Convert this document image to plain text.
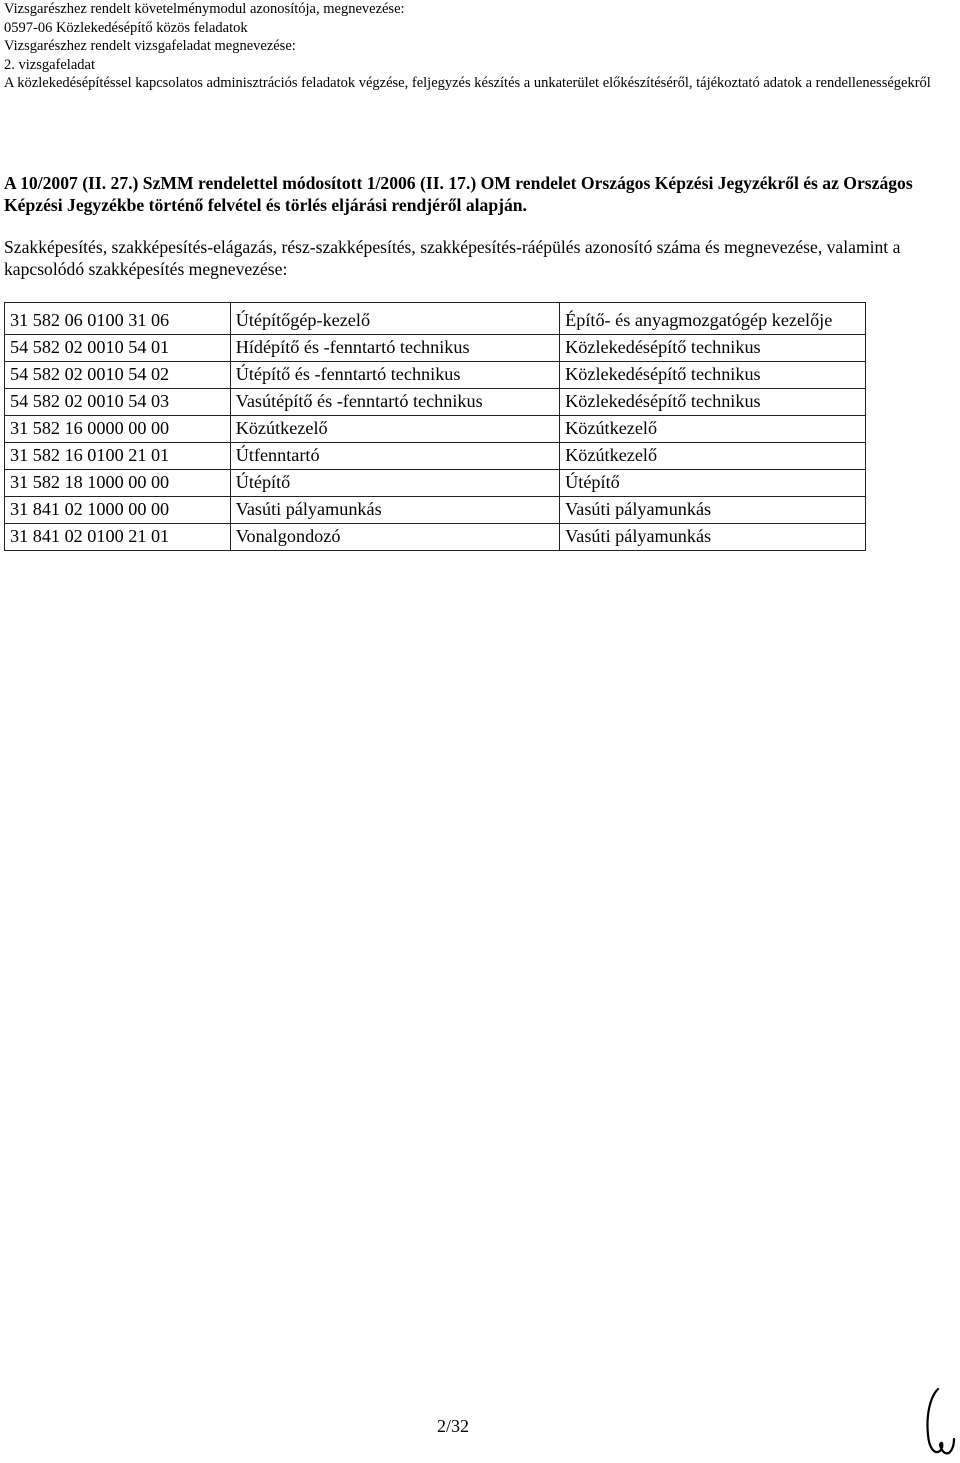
Vizsgarészhez rendelt követelménymodul azonosítója, megnevezése:
0597-06 Közlekedésépítő közös feladatok
Vizsgarészhez rendelt vizsgafeladat megnevezése:
2. vizsgafeladat
A közlekedésépítéssel kapcsolatos adminisztrációs feladatok végzése, feljegyzés készítés a unkaterület előkészítéséről, tájékoztató adatok a rendellenességekről
A 10/2007 (II. 27.) SzMM rendelettel módosított 1/2006 (II. 17.) OM rendelet Országos Képzési Jegyzékről és az Országos Képzési Jegyzékbe történő felvétel és törlés eljárási rendjéről alapján.
Szakképesítés, szakképesítés-elágazás, rész-szakképesítés, szakképesítés-ráépülés azonosító száma és megnevezése, valamint a kapcsolódó szakképesítés megnevezése:
31 582 06 0100 31 06	Útépítőgép-kezelő	Építő- és anyagmozgatógép kezelője
54 582 02 0010 54 01	Hídépítő és -fenntartó technikus	Közlekedésépítő technikus
54 582 02 0010 54 02	Útépítő és -fenntartó technikus	Közlekedésépítő technikus
54 582 02 0010 54 03	Vasútépítő és -fenntartó technikus	Közlekedésépítő technikus
31 582 16 0000 00 00	Közútkezelő	Közútkezelő
31 582 16 0100 21 01	Útfenntartó	Közútkezelő
31 582 18 1000 00 00	Útépítő	Útépítő
31 841 02 1000 00 00	Vasúti pályamunkás	Vasúti pályamunkás
31 841 02 0100 21 01	Vonalgondozó	Vasúti pályamunkás
2/32
